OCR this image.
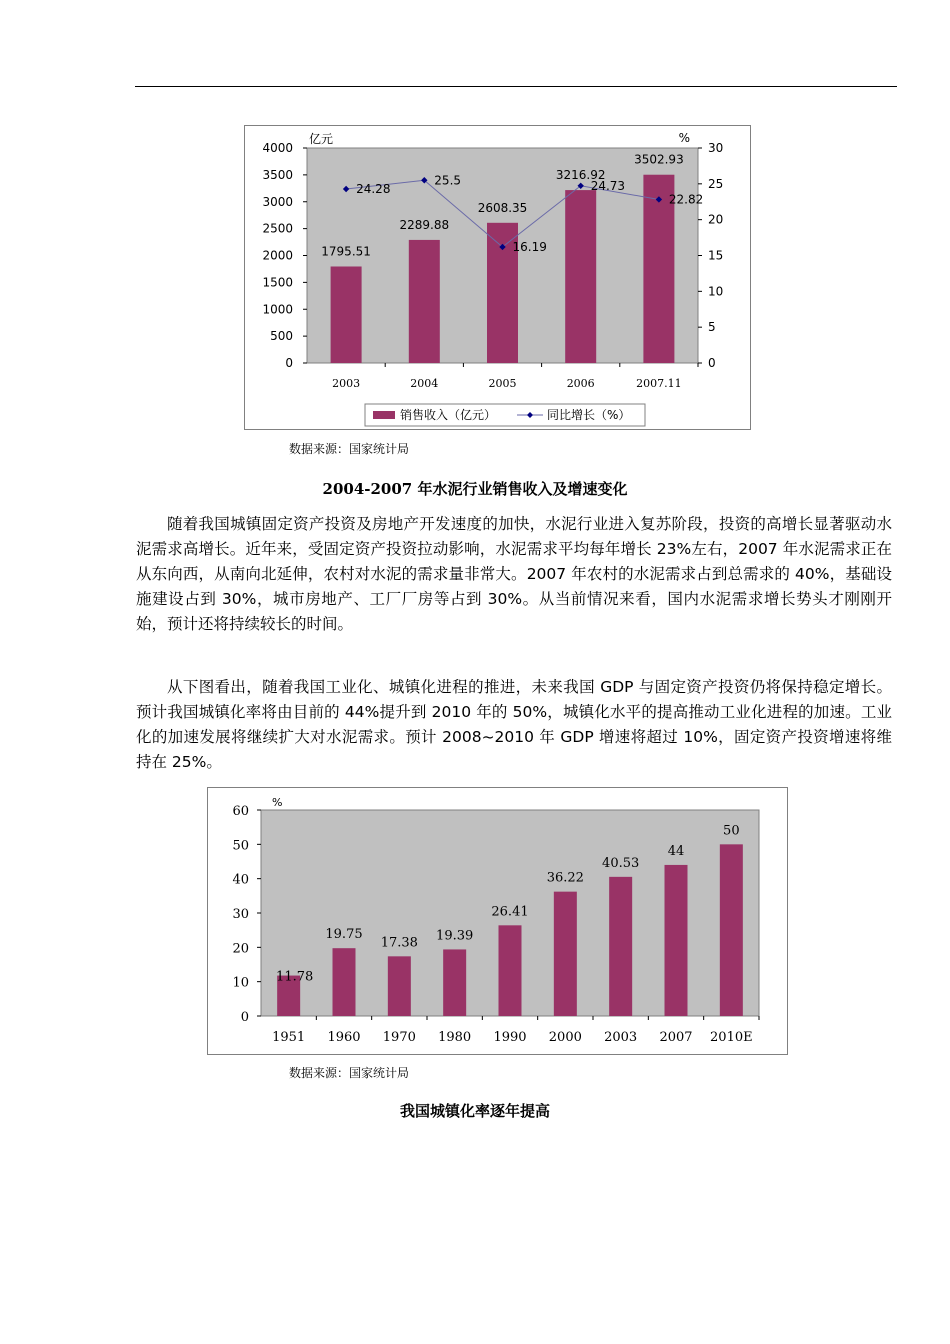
0
500
1000
1500
2000
2500
3000
3500
4000
0
5
10
15
20
25
30
亿元	%
1795.51
2003
2289.88
2004
2608.35
2005
3216.92
2006
3502.93
2007.11
24.28
25.5
16.19
24.73
22.82
销售收入（亿元）	同比增长（%）
数据来源：国家统计局
2004-2007 年水泥行业销售收入及增速变化

随着我国城镇固定资产投资及房地产开发速度的加快，水泥行业进入复苏阶段，投资的高增长显著驱动水泥需求高增长。近年来，受固定资产投资拉动影响，水泥需求平均每年增长 23%左右，2007 年水泥需求正在从东向西，从南向北延伸，农村对水泥的需求量非常大。2007 年农村的水泥需求占到总需求的 40%，基础设施建设占到 30%，城市房地产、工厂厂房等占到 30%。从当前情况来看，国内水泥需求增长势头才刚刚开始，预计还将持续较长的时间。

从下图看出，随着我国工业化、城镇化进程的推进，未来我国 GDP 与固定资产投资仍将保持稳定增长。预计我国城镇化率将由目前的 44%提升到 2010 年的 50%，城镇化水平的提高推动工业化进程的加速。工业化的加速发展将继续扩大对水泥需求。预计 2008~2010 年 GDP 增速将超过 10%，固定资产投资增速将维持在 25%。

0
10
20
30
40
50
60
%
11.78
1951
19.75
1960
17.38
1970
19.39
1980
26.41
1990
36.22
2000
40.53
2003
44
2007
50
2010E
数据来源：国家统计局
我国城镇化率逐年提高
